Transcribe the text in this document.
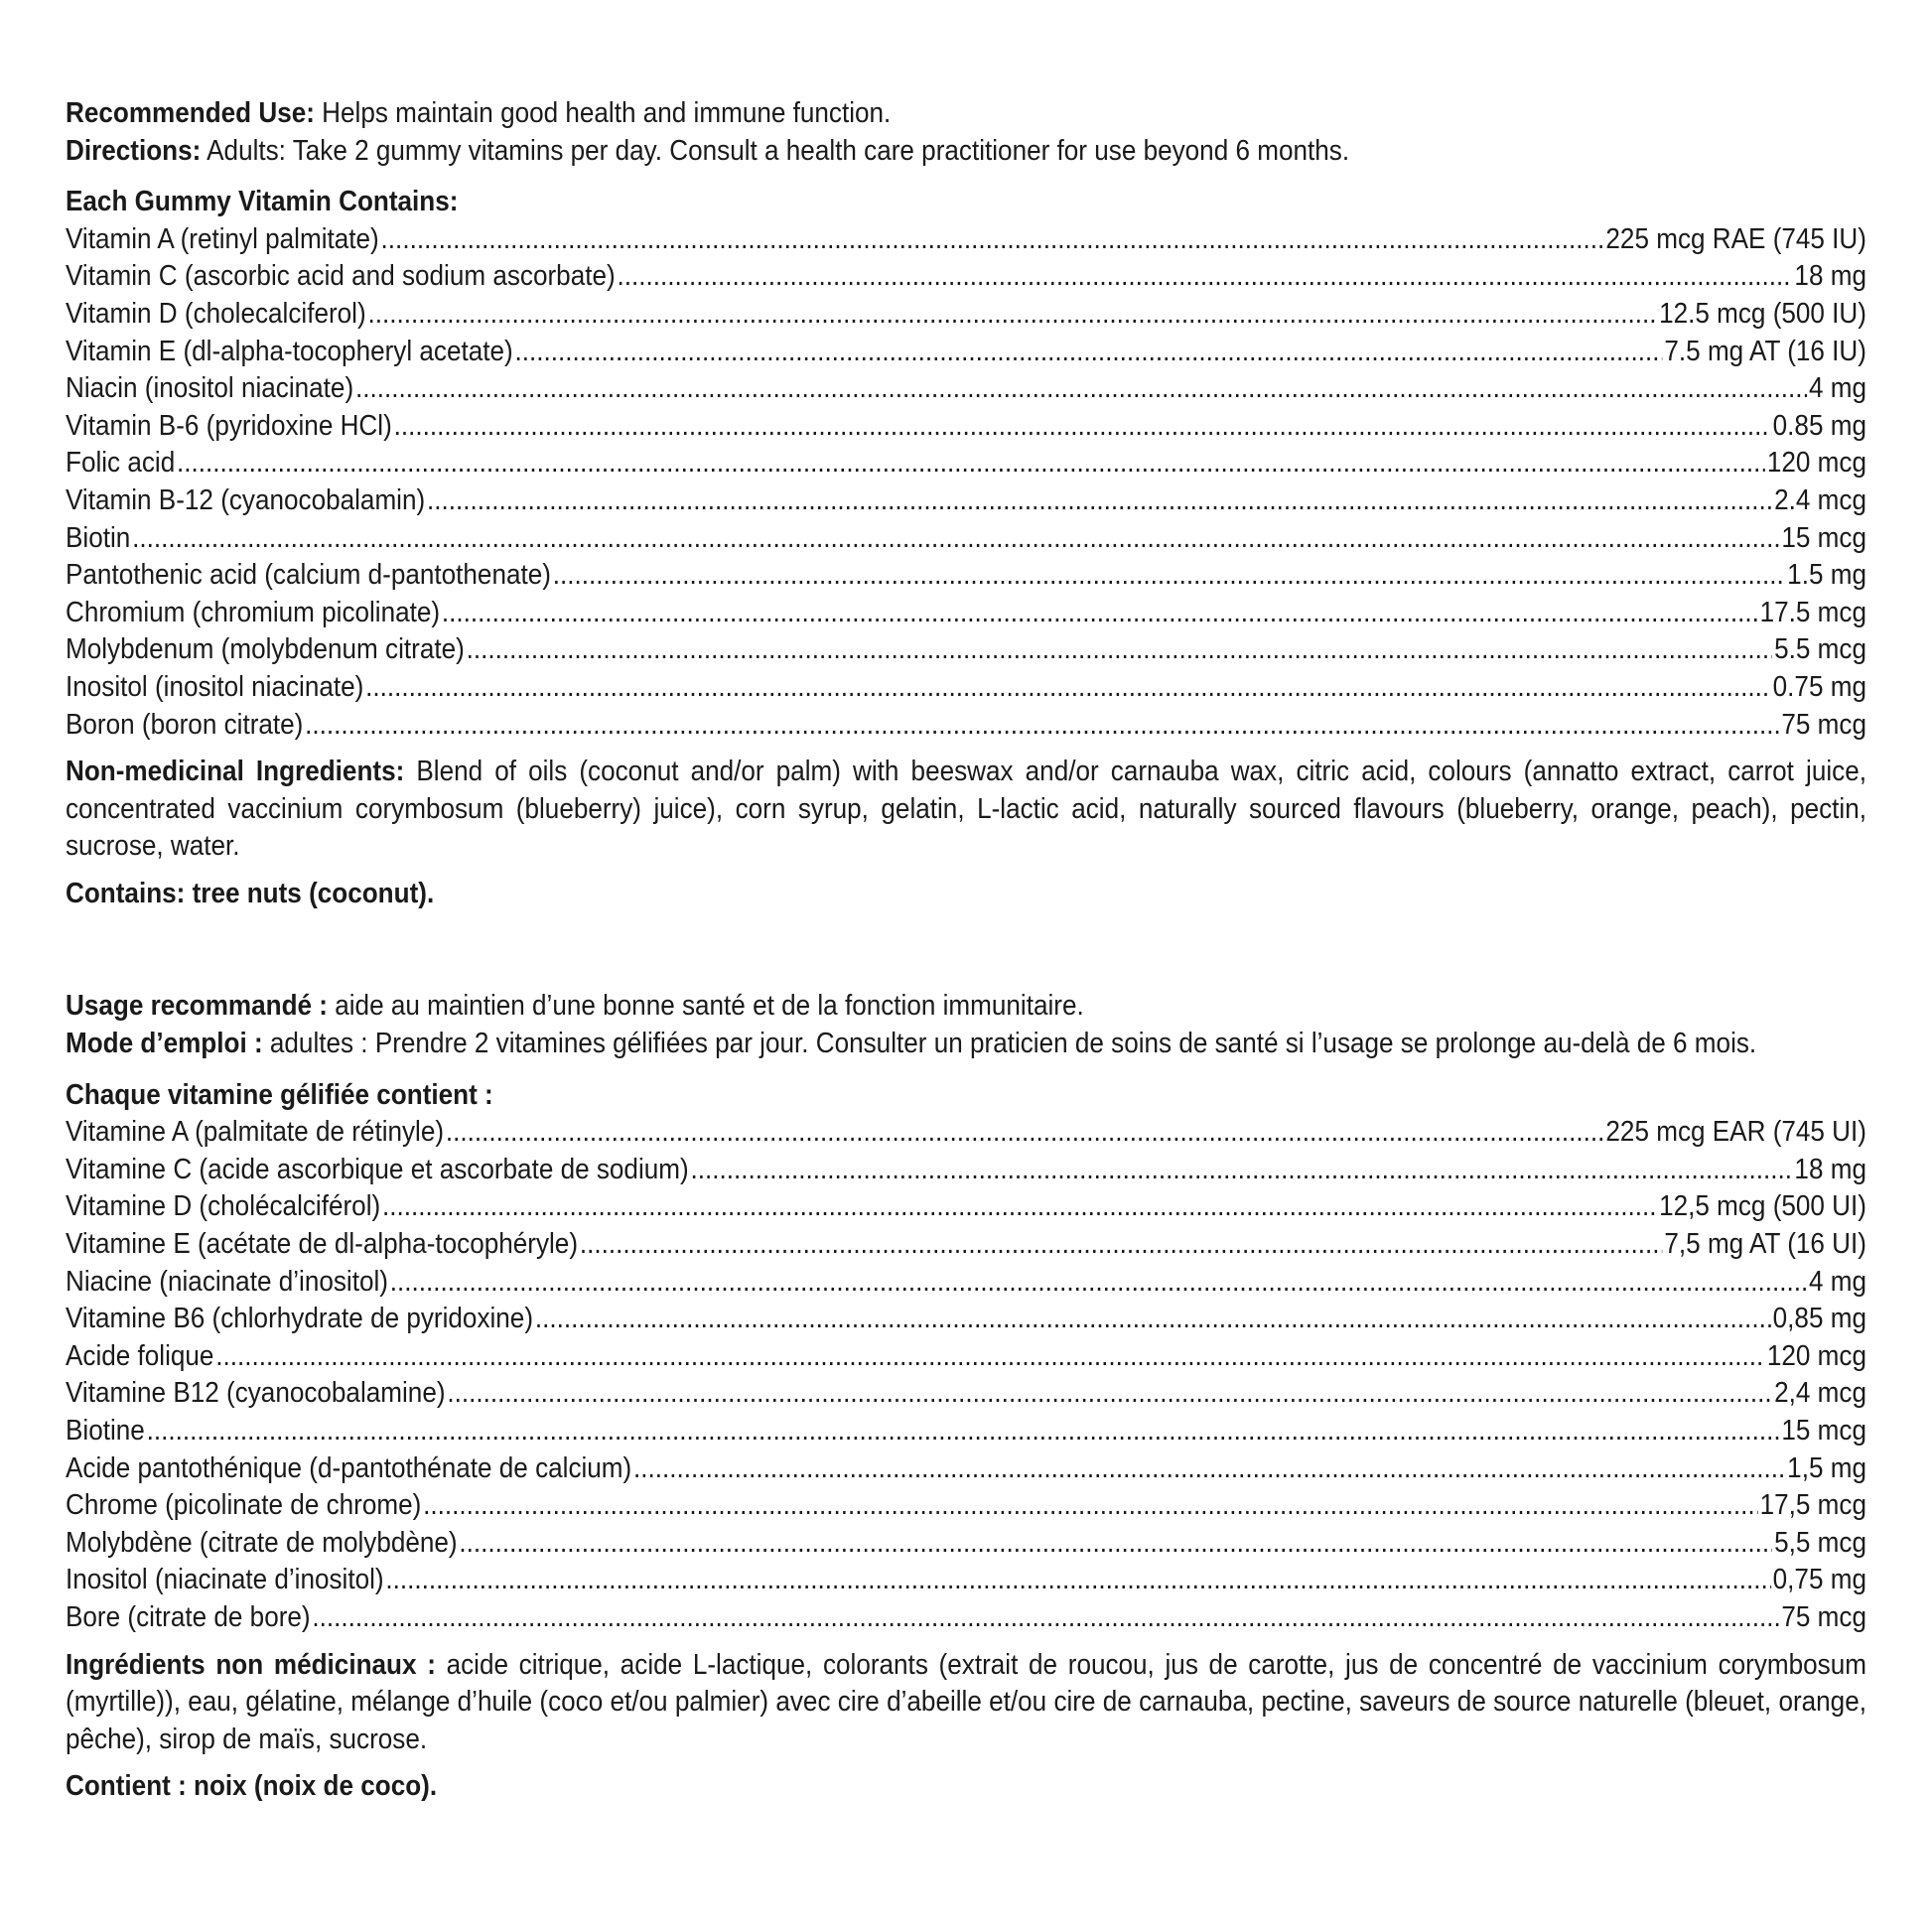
Recommended Use: Helps maintain good health and immune function.
Directions: Adults: Take 2 gummy vitamins per day. Consult a health care practitioner for use beyond 6 months.
Each Gummy Vitamin Contains:
Vitamin A (retinyl palmitate) .....	225 mcg RAE (745 IU)
Vitamin C (ascorbic acid and sodium ascorbate) .....	18 mg
Vitamin D (cholecalciferol) .....	12.5 mcg (500 IU)
Vitamin E (dl-alpha-tocopheryl acetate) .....	7.5 mg AT (16 IU)
Niacin (inositol niacinate) .....	4 mg
Vitamin B-6 (pyridoxine HCl) .....	0.85 mg
Folic acid .....	120 mcg
Vitamin B-12 (cyanocobalamin) .....	2.4 mcg
Biotin .....	15 mcg
Pantothenic acid (calcium d-pantothenate) .....	1.5 mg
Chromium (chromium picolinate) .....	17.5 mcg
Molybdenum (molybdenum citrate) .....	5.5 mcg
Inositol (inositol niacinate) .....	0.75 mg
Boron (boron citrate) .....	75 mcg
Non-medicinal Ingredients: Blend of oils (coconut and/or palm) with beeswax and/or carnauba wax, citric acid, colours (annatto extract, carrot juice, concentrated vaccinium corymbosum (blueberry) juice), corn syrup, gelatin, L-lactic acid, naturally sourced flavours (blueberry, orange, peach), pectin, sucrose, water.
Contains: tree nuts (coconut).
Usage recommandé : aide au maintien d’une bonne santé et de la fonction immunitaire.
Mode d’emploi : adultes : Prendre 2 vitamines gélifiées par jour. Consulter un praticien de soins de santé si l’usage se prolonge au-delà de 6 mois.
Chaque vitamine gélifiée contient :
Vitamine A (palmitate de rétinyle) .....	225 mcg EAR (745 UI)
Vitamine C (acide ascorbique et ascorbate de sodium) .....	18 mg
Vitamine D (cholécalciférol) .....	12,5 mcg (500 UI)
Vitamine E (acétate de dl-alpha-tocophéryle) .....	7,5 mg AT (16 UI)
Niacine (niacinate d’inositol) .....	4 mg
Vitamine B6 (chlorhydrate de pyridoxine) .....	0,85 mg
Acide folique .....	120 mcg
Vitamine B12 (cyanocobalamine) .....	2,4 mcg
Biotine .....	15 mcg
Acide pantothénique (d-pantothénate de calcium) .....	1,5 mg
Chrome (picolinate de chrome) .....	17,5 mcg
Molybdène (citrate de molybdène) .....	5,5 mcg
Inositol (niacinate d’inositol) .....	0,75 mg
Bore (citrate de bore) .....	75 mcg
Ingrédients non médicinaux : acide citrique, acide L-lactique, colorants (extrait de roucou, jus de carotte, jus de concentré de vaccinium corymbosum (myrtille)), eau, gélatine, mélange d’huile (coco et/ou palmier) avec cire d’abeille et/ou cire de carnauba, pectine, saveurs de source naturelle (bleuet, orange, pêche), sirop de maïs, sucrose.
Contient : noix (noix de coco).
